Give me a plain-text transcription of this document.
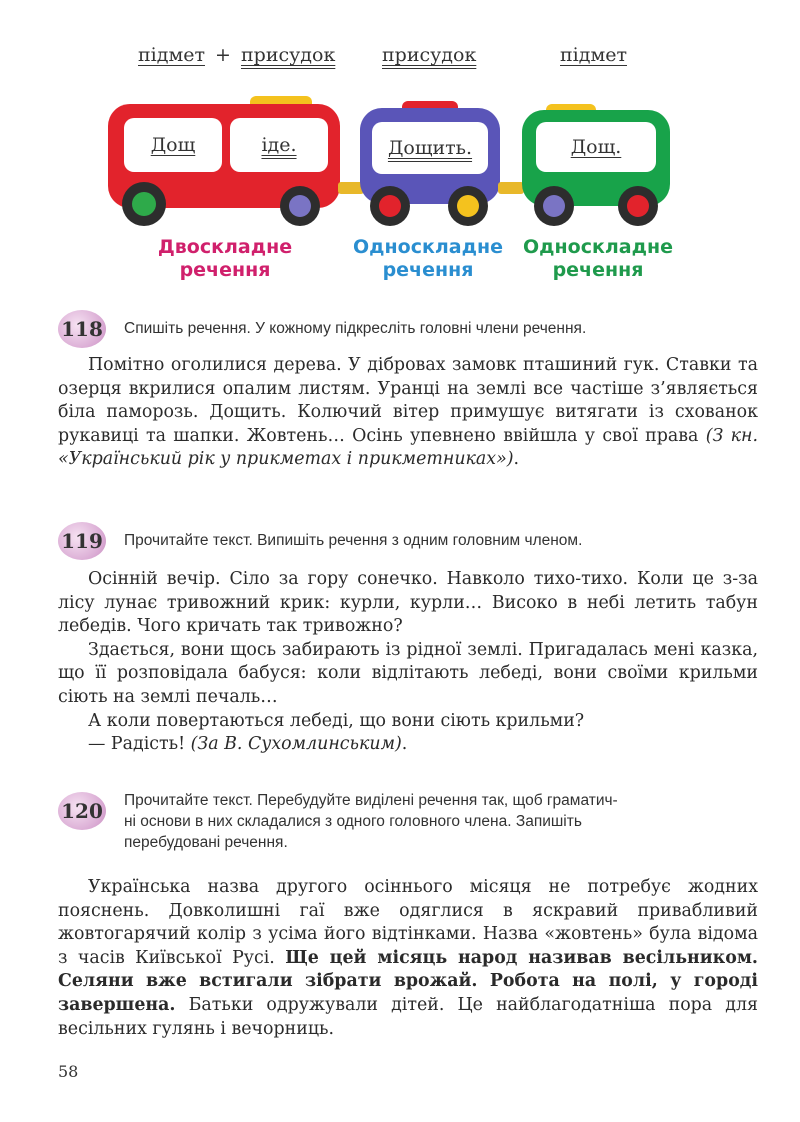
підмет + присудок присудок	підмет
Дощ	іде.	Дощить.	Дощ.
Двоскладне
речення
Односкладне
речення
Односкладне
речення
118 Спишіть речення. У кожному підкресліть головні члени речення.

Помітно оголилися дерева. У дібровах замовк пташиний гук. Ставки та озерця вкрилися опалим листям. Уранці на землі все частіше з’являється біла паморозь. Дощить. Колючий вітер примушує витягати із схованок рукавиці та шапки. Жовтень… Осінь упевнено ввійшла у свої права (З кн. «Український рік у прикметах і прикметниках»).

119 Прочитайте текст. Випишіть речення з одним головним членом.

Осінній вечір. Сіло за гору сонечко. Навколо тихо-тихо. Коли це з-за лісу лунає тривожний крик: курли, курли… Високо в небі летить табун лебедів. Чого кричать так тривожно?

Здається, вони щось забирають із рідної землі. Пригадалась мені казка, що її розповідала бабуся: коли відлітають лебеді, вони своїми крильми сіють на землі печаль…

А коли повертаються лебеді, що вони сіють крильми?

— Радість! (За В. Сухомлинським).

120 Прочитайте текст. Перебудуйте виділені речення так, щоб граматич-
ні основи в них складалися з одного головного члена. Запишіть
перебудовані речення.

Українська назва другого осіннього місяця не потребує жодних пояснень. Довколишні гаї вже одяглися в яскравий привабливий жовтогарячий колір з усіма його відтінками. Назва «жовтень» була відома з часів Київської Русі. Ще цей місяць народ називав весільником. Селяни вже встигали зібрати врожай. Робота на полі, у городі завершена. Батьки одружували дітей. Це найблагодатніша пора для весільних гулянь і вечорниць.

58
